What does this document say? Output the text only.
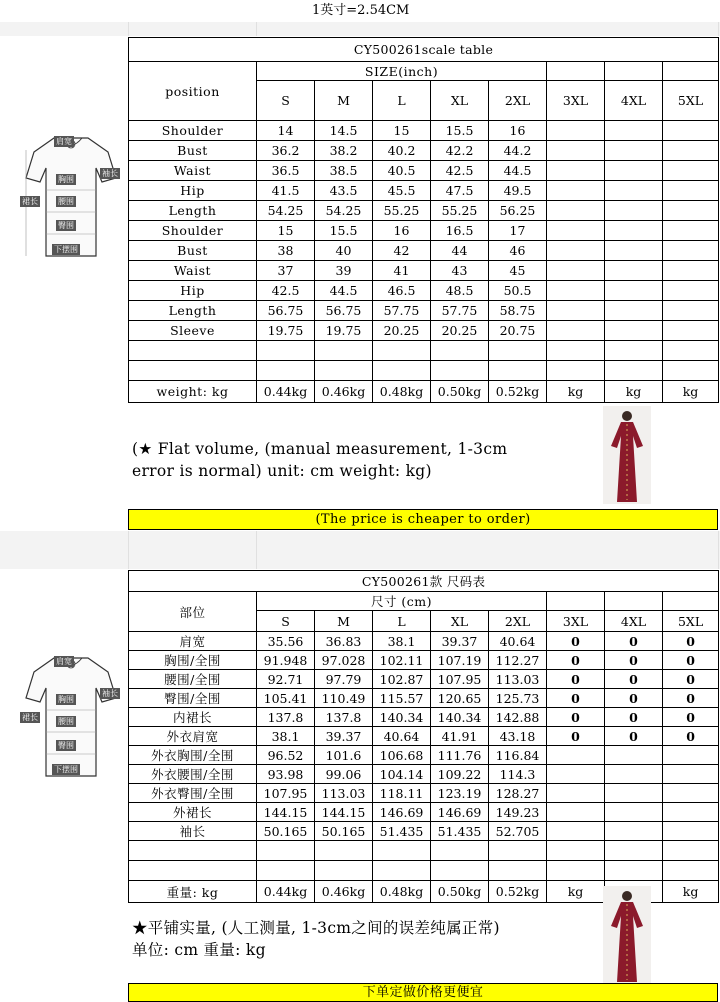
1英寸=2.54CM
肩宽
袖长
胸围
腰围
裙长
臀围
下摆围
CY500261scale table								
position	SIZE(inch)							
	S	M	L	XL	2XL	3XL	4XL	5XL
Shoulder	14	14.5	15	15.5	16			
Bust	36.2	38.2	40.2	42.2	44.2			
Waist	36.5	38.5	40.5	42.5	44.5			
Hip	41.5	43.5	45.5	47.5	49.5			
Length	54.25	54.25	55.25	55.25	56.25			
Shoulder	15	15.5	16	16.5	17			
Bust	38	40	42	44	46			
Waist	37	39	41	43	45			
Hip	42.5	44.5	46.5	48.5	50.5			
Length	56.75	56.75	57.75	57.75	58.75			
Sleeve	19.75	19.75	20.25	20.25	20.75			

weight: kg	0.44kg	0.46kg	0.48kg	0.50kg	0.52kg	kg	kg	kg
(★ Flat volume, (manual measurement, 1-3cm
error is normal) unit: cm weight: kg)
(The price is cheaper to order)
肩宽
袖长
胸围
腰围
裙长
臀围
下摆围
CY500261款 尺码表								
部位	尺寸 (cm)							
	S	M	L	XL	2XL	3XL	4XL	5XL
肩宽	35.56	36.83	38.1	39.37	40.64	0	0	0
胸围/全围	91.948	97.028	102.11	107.19	112.27	0	0	0
腰围/全围	92.71	97.79	102.87	107.95	113.03	0	0	0
臀围/全围	105.41	110.49	115.57	120.65	125.73	0	0	0
内裙长	137.8	137.8	140.34	140.34	142.88	0	0	0
外衣肩宽	38.1	39.37	40.64	41.91	43.18	0	0	0
外衣胸围/全围	96.52	101.6	106.68	111.76	116.84			
外衣腰围/全围	93.98	99.06	104.14	109.22	114.3			
外衣臀围/全围	107.95	113.03	118.11	123.19	128.27			
外裙长	144.15	144.15	146.69	146.69	149.23			
袖长	50.165	50.165	51.435	51.435	52.705			

重量: kg	0.44kg	0.46kg	0.48kg	0.50kg	0.52kg	kg		kg
★平铺实量, (人工测量, 1-3cm之间的误差纯属正常)
单位: cm 重量: kg
下单定做价格更便宜
